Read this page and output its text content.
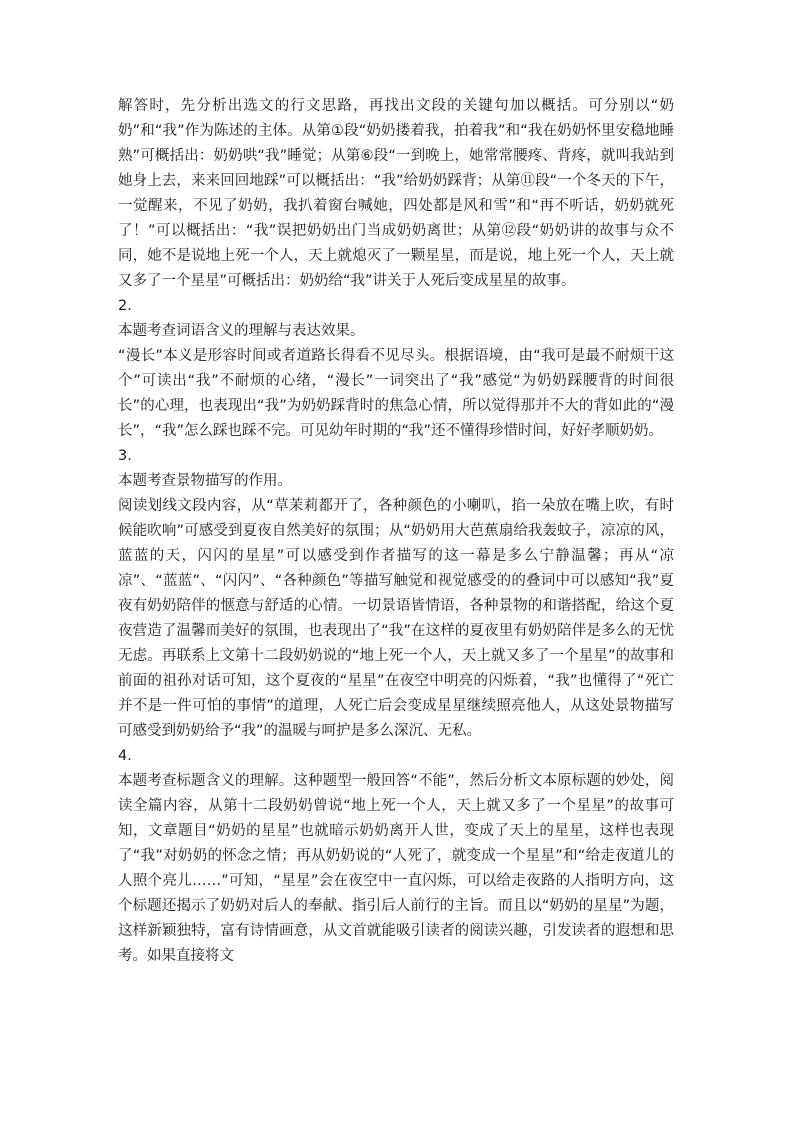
解答时，先分析出选文的行文思路，再找出文段的关键句加以概括。可分别以“奶奶”和“我”作为陈述的主体。从第①段“奶奶搂着我，拍着我”和“我在奶奶怀里安稳地睡熟”可概括出：奶奶哄“我”睡觉；从第⑥段“一到晚上，她常常腰疼、背疼，就叫我站到她身上去，来来回回地踩”可以概括出：“我”给奶奶踩背；从第⑪段“一个冬天的下午，一觉醒来，不见了奶奶，我扒着窗台喊她，四处都是风和雪”和“再不听话，奶奶就死了！”可以概括出：“我”误把奶奶出门当成奶奶离世；从第⑫段“奶奶讲的故事与众不同，她不是说地上死一个人，天上就熄灭了一颗星星，而是说，地上死一个人，天上就又多了一个星星”可概括出：奶奶给“我”讲关于人死后变成星星的故事。

2．

本题考查词语含义的理解与表达效果。

“漫长”本义是形容时间或者道路长得看不见尽头。根据语境，由“我可是最不耐烦干这个”可读出“我”不耐烦的心绪，“漫长”一词突出了“我”感觉“为奶奶踩腰背的时间很长”的心理，也表现出“我”为奶奶踩背时的焦急心情，所以觉得那并不大的背如此的“漫长”，“我”怎么踩也踩不完。可见幼年时期的“我”还不懂得珍惜时间，好好孝顺奶奶。

3．

本题考查景物描写的作用。

阅读划线文段内容，从“草茉莉都开了，各种颜色的小喇叭，掐一朵放在嘴上吹，有时候能吹响”可感受到夏夜自然美好的氛围；从“奶奶用大芭蕉扇给我轰蚊子，凉凉的风，蓝蓝的天，闪闪的星星”可以感受到作者描写的这一幕是多么宁静温馨；再从“凉凉”、“蓝蓝”、“闪闪”、“各种颜色”等描写触觉和视觉感受的的叠词中可以感知“我”夏夜有奶奶陪伴的惬意与舒适的心情。一切景语皆情语，各种景物的和谐搭配，给这个夏夜营造了温馨而美好的氛围，也表现出了“我”在这样的夏夜里有奶奶陪伴是多么的无忧无虑。再联系上文第十二段奶奶说的“地上死一个人，天上就又多了一个星星”的故事和前面的祖孙对话可知，这个夏夜的“星星”在夜空中明亮的闪烁着，“我”也懂得了“死亡并不是一件可怕的事情”的道理，人死亡后会变成星星继续照亮他人，从这处景物描写可感受到奶奶给予“我”的温暖与呵护是多么深沉、无私。

4．

本题考查标题含义的理解。这种题型一般回答“不能”，然后分析文本原标题的妙处，阅读全篇内容，从第十二段奶奶曾说“地上死一个人，天上就又多了一个星星”的故事可知，文章题目“奶奶的星星”也就暗示奶奶离开人世，变成了天上的星星，这样也表现了“我”对奶奶的怀念之情；再从奶奶说的“人死了，就变成一个星星”和“给走夜道儿的人照个亮儿……”可知，“星星”会在夜空中一直闪烁，可以给走夜路的人指明方向，这个标题还揭示了奶奶对后人的奉献、指引后人前行的主旨。而且以“奶奶的星星”为题，这样新颖独特，富有诗情画意，从文首就能吸引读者的阅读兴趣，引发读者的遐想和思考。如果直接将文
